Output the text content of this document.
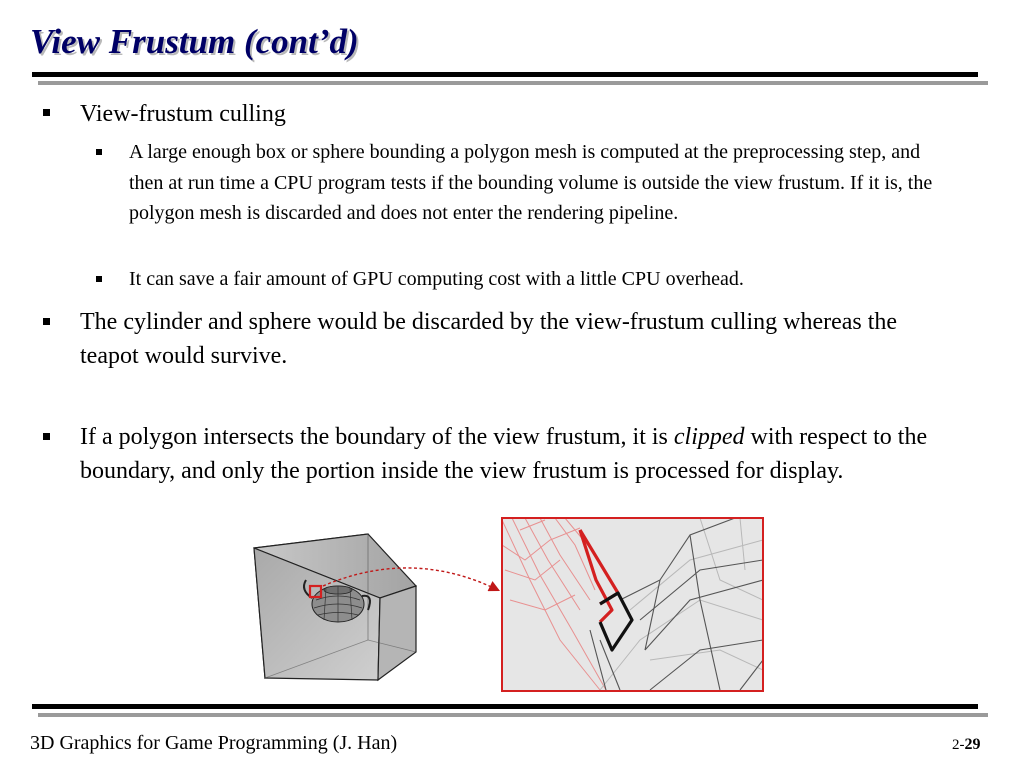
View Frustum (cont’d)
View-frustum culling
A large enough box or sphere bounding a polygon mesh is computed at the preprocessing step, and then at run time a CPU program tests if the bounding volume is outside the view frustum. If it is, the polygon mesh is discarded and does not enter the rendering pipeline.
It can save a fair amount of GPU computing cost with a little CPU overhead.
The cylinder and sphere would be discarded by the view-frustum culling whereas the teapot would survive.
If a polygon intersects the boundary of the view frustum, it is clipped with respect to the boundary, and only the portion inside the view frustum is processed for display.
3D Graphics for Game Programming (J. Han)	2-29
